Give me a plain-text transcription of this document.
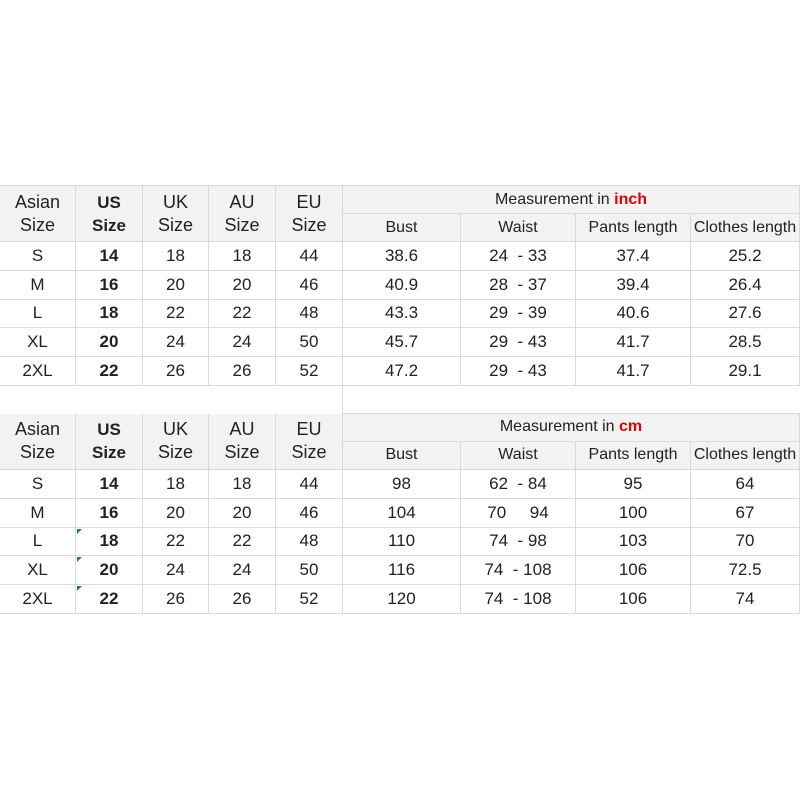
Asian
Size
US
Size
UK
Size
AU
Size
EU
Size
Measurement in inch
Bust	Waist	Pants length	Clothes length
S	14	18	18	44	38.6	24  - 33	37.4	25.2
M	16	20	20	46	40.9	28  - 37	39.4	26.4
L	18	22	22	48	43.3	29  - 39	40.6	27.6
XL	20	24	24	50	45.7	29  - 43	41.7	28.5
2XL	22	26	26	52	47.2	29  - 43	41.7	29.1
Asian
Size
US
Size
UK
Size
AU
Size
EU
Size
Measurement in cm
Bust	Waist	Pants length	Clothes length
S	14	18	18	44	98	62  - 84	95	64
M	16	20	20	46	104	70     94	100	67
L	18	22	22	48	110	74  - 98	103	70
XL	20	24	24	50	116	74  - 108	106	72.5
2XL	22	26	26	52	120	74  - 108	106	74
